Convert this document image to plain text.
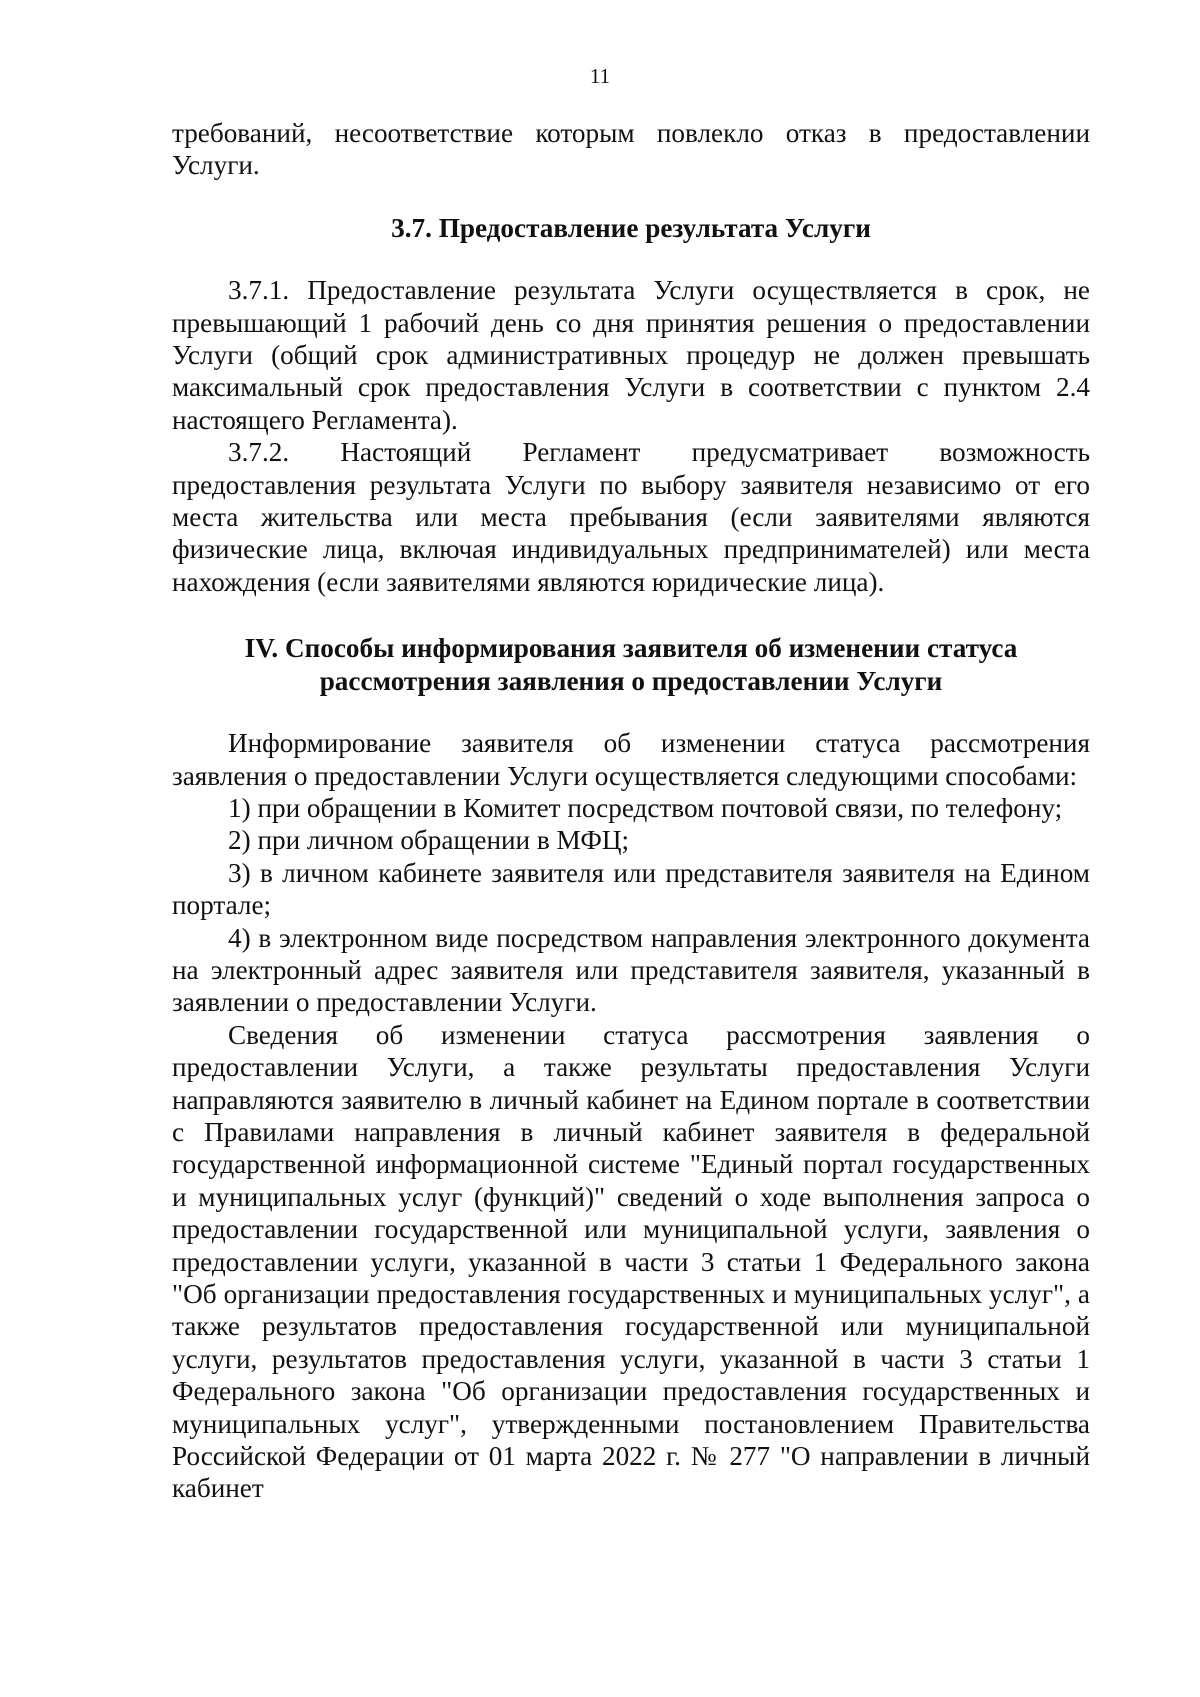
11

требований, несоответствие которым повлекло отказ в предоставлении Услуги.

3.7. Предоставление результата Услуги

3.7.1. Предоставление результата Услуги осуществляется в срок, не превышающий 1 рабочий день со дня принятия решения о предоставлении Услуги (общий срок административных процедур не должен превышать максимальный срок предоставления Услуги в соответствии с пунктом 2.4 настоящего Регламента).

3.7.2. Настоящий Регламент предусматривает возможность предоставления результата Услуги по выбору заявителя независимо от его места жительства или места пребывания (если заявителями являются физические лица, включая индивидуальных предпринимателей) или места нахождения (если заявителями являются юридические лица).

IV. Способы информирования заявителя об изменении статуса
рассмотрения заявления о предоставлении Услуги

Информирование заявителя об изменении статуса рассмотрения заявления о предоставлении Услуги осуществляется следующими способами:

1) при обращении в Комитет посредством почтовой связи, по телефону;

2) при личном обращении в МФЦ;

3) в личном кабинете заявителя или представителя заявителя на Едином портале;

4) в электронном виде посредством направления электронного документа на электронный адрес заявителя или представителя заявителя, указанный в заявлении о предоставлении Услуги.

Сведения об изменении статуса рассмотрения заявления о предоставлении Услуги, а также результаты предоставления Услуги направляются заявителю в личный кабинет на Едином портале в соответствии с Правилами направления в личный кабинет заявителя в федеральной государственной информационной системе "Единый портал государственных и муниципальных услуг (функций)" сведений о ходе выполнения запроса о предоставлении государственной или муниципальной услуги, заявления о предоставлении услуги, указанной в части 3 статьи 1 Федерального закона "Об организации предоставления государственных и муниципальных услуг", а также результатов предоставления государственной или муниципальной услуги, результатов предоставления услуги, указанной в части 3 статьи 1 Федерального закона "Об организации предоставления государственных и муниципальных услуг", утвержденными постановлением Правительства Российской Федерации от 01 марта 2022 г. № 277 "О направлении в личный кабинет
